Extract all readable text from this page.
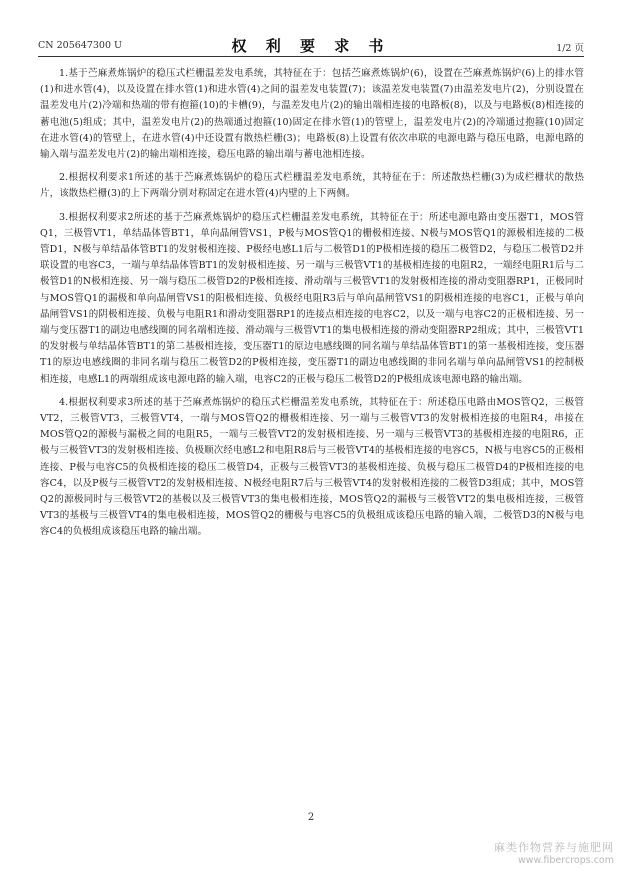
CN 205647300 U	权 利 要 求 书	1/2 页

1.基于苎麻煮炼锅炉的稳压式栏栅温差发电系统，其特征在于：包括苎麻煮炼锅炉(6)，设置在苎麻煮炼锅炉(6)上的排水管(1)和进水管(4)，以及设置在排水管(1)和进水管(4)之间的温差发电装置(7)；该温差发电装置(7)由温差发电片(2)，分别设置在温差发电片(2)冷端和热端的带有抱箍(10)的卡槽(9)，与温差发电片(2)的输出端相连接的电路板(8)，以及与电路板(8)相连接的蓄电池(5)组成；其中，温差发电片(2)的热端通过抱箍(10)固定在排水管(1)的管壁上，温差发电片(2)的冷端通过抱箍(10)固定在进水管(4)的管壁上，在进水管(4)中还设置有散热栏栅(3)；电路板(8)上设置有依次串联的电源电路与稳压电路，电源电路的输入端与温差发电片(2)的输出端相连接，稳压电路的输出端与蓄电池相连接。

2.根据权利要求1所述的基于苎麻煮炼锅炉的稳压式栏栅温差发电系统，其特征在于：所述散热栏栅(3)为成栏栅状的散热片，该散热栏栅(3)的上下两端分别对称固定在进水管(4)内壁的上下两侧。

3.根据权利要求2所述的基于苎麻煮炼锅炉的稳压式栏栅温差发电系统，其特征在于：所述电源电路由变压器T1，MOS管Q1，三极管VT1，单结晶体管BT1，单向晶闸管VS1，P极与MOS管Q1的栅极相连接、N极与MOS管Q1的源极相连接的二极管D1，N极与单结晶体管BT1的发射极相连接、P极经电感L1后与二极管D1的P极相连接的稳压二极管D2，与稳压二极管D2并联设置的电容C3，一端与单结晶体管BT1的发射极相连接、另一端与三极管VT1的基极相连接的电阻R2，一端经电阻R1后与二极管D1的N极相连接、另一端与稳压二极管D2的P极相连接、滑动端与三极管VT1的发射极相连接的滑动变阻器RP1，正极同时与MOS管Q1的漏极和单向晶闸管VS1的阳极相连接、负极经电阻R3后与单向晶闸管VS1的阴极相连接的电容C1，正极与单向晶闸管VS1的阴极相连接、负极与电阻R1和滑动变阻器RP1的连接点相连接的电容C2，以及一端与电容C2的正极相连接、另一端与变压器T1的副边电感线圈的同名端相连接、滑动端与三极管VT1的集电极相连接的滑动变阻器RP2组成；其中，三极管VT1的发射极与单结晶体管BT1的第二基极相连接，变压器T1的原边电感线圈的同名端与单结晶体管BT1的第一基极相连接，变压器T1的原边电感线圈的非同名端与稳压二极管D2的P极相连接，变压器T1的副边电感线圈的非同名端与单向晶闸管VS1的控制极相连接，电感L1的两端组成该电源电路的输入端，电容C2的正极与稳压二极管D2的P极组成该电源电路的输出端。

4.根据权利要求3所述的基于苎麻煮炼锅炉的稳压式栏栅温差发电系统，其特征在于：所述稳压电路由MOS管Q2，三极管VT2，三极管VT3，三极管VT4，一端与MOS管Q2的栅极相连接、另一端与三极管VT3的发射极相连接的电阻R4，串接在MOS管Q2的源极与漏极之间的电阻R5，一端与三极管VT2的发射极相连接、另一端与三极管VT3的基极相连接的电阻R6，正极与三极管VT3的发射极相连接、负极顺次经电感L2和电阻R8后与三极管VT4的基极相连接的电容C5，N极与电容C5的正极相连接、P极与电容C5的负极相连接的稳压二极管D4，正极与三极管VT3的基极相连接、负极与稳压二极管D4的P极相连接的电容C4，以及P极与三极管VT2的发射极相连接、N极经电阻R7后与三极管VT4的发射极相连接的二极管D3组成；其中，MOS管Q2的源极同时与三极管VT2的基极以及三极管VT3的集电极相连接，MOS管Q2的漏极与三极管VT2的集电极相连接，三极管VT3的基极与三极管VT4的集电极相连接，MOS管Q2的栅极与电容C5的负极组成该稳压电路的输入端，二极管D3的N极与电容C4的负极组成该稳压电路的输出端。

2
麻类作物营养与施肥网
www.fibercrops.com
